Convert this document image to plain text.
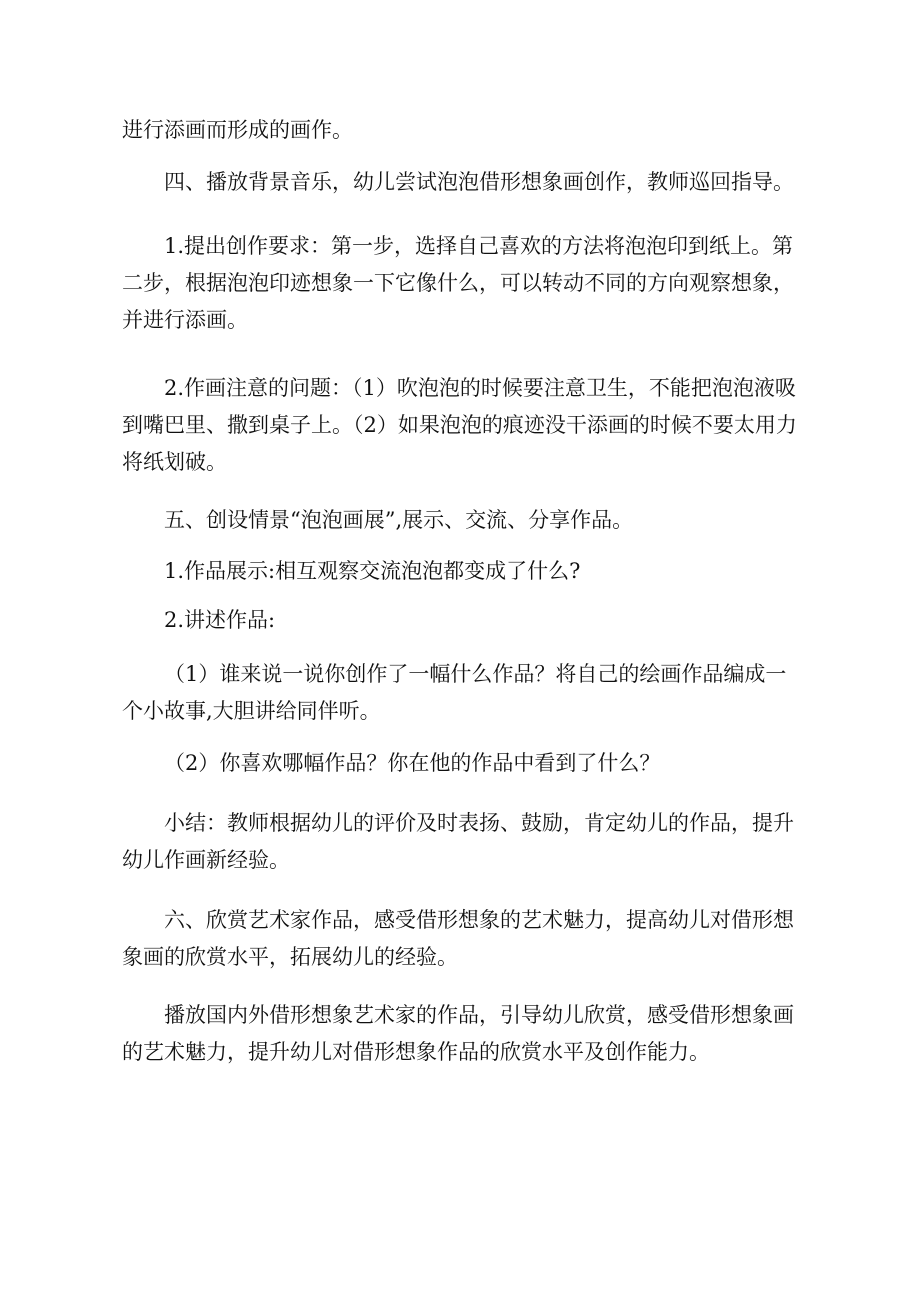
进行添画而形成的画作。

四、播放背景音乐，幼儿尝试泡泡借形想象画创作，教师巡回指导。

1.提出创作要求：第一步，选择自己喜欢的方法将泡泡印到纸上。第二步，根据泡泡印迹想象一下它像什么，可以转动不同的方向观察想象，并进行添画。

2.作画注意的问题：（1）吹泡泡的时候要注意卫生，不能把泡泡液吸到嘴巴里、撒到桌子上。（2）如果泡泡的痕迹没干添画的时候不要太用力将纸划破。

五、创设情景“泡泡画展”,展示、交流、分享作品。

1.作品展示:相互观察交流泡泡都变成了什么?

2.讲述作品:

（1）谁来说一说你创作了一幅什么作品？将自己的绘画作品编成一个小故事,大胆讲给同伴听。

（2）你喜欢哪幅作品？你在他的作品中看到了什么？

小结：教师根据幼儿的评价及时表扬、鼓励，肯定幼儿的作品，提升幼儿作画新经验。

六、欣赏艺术家作品，感受借形想象的艺术魅力，提高幼儿对借形想象画的欣赏水平，拓展幼儿的经验。

播放国内外借形想象艺术家的作品，引导幼儿欣赏，感受借形想象画的艺术魅力，提升幼儿对借形想象作品的欣赏水平及创作能力。
